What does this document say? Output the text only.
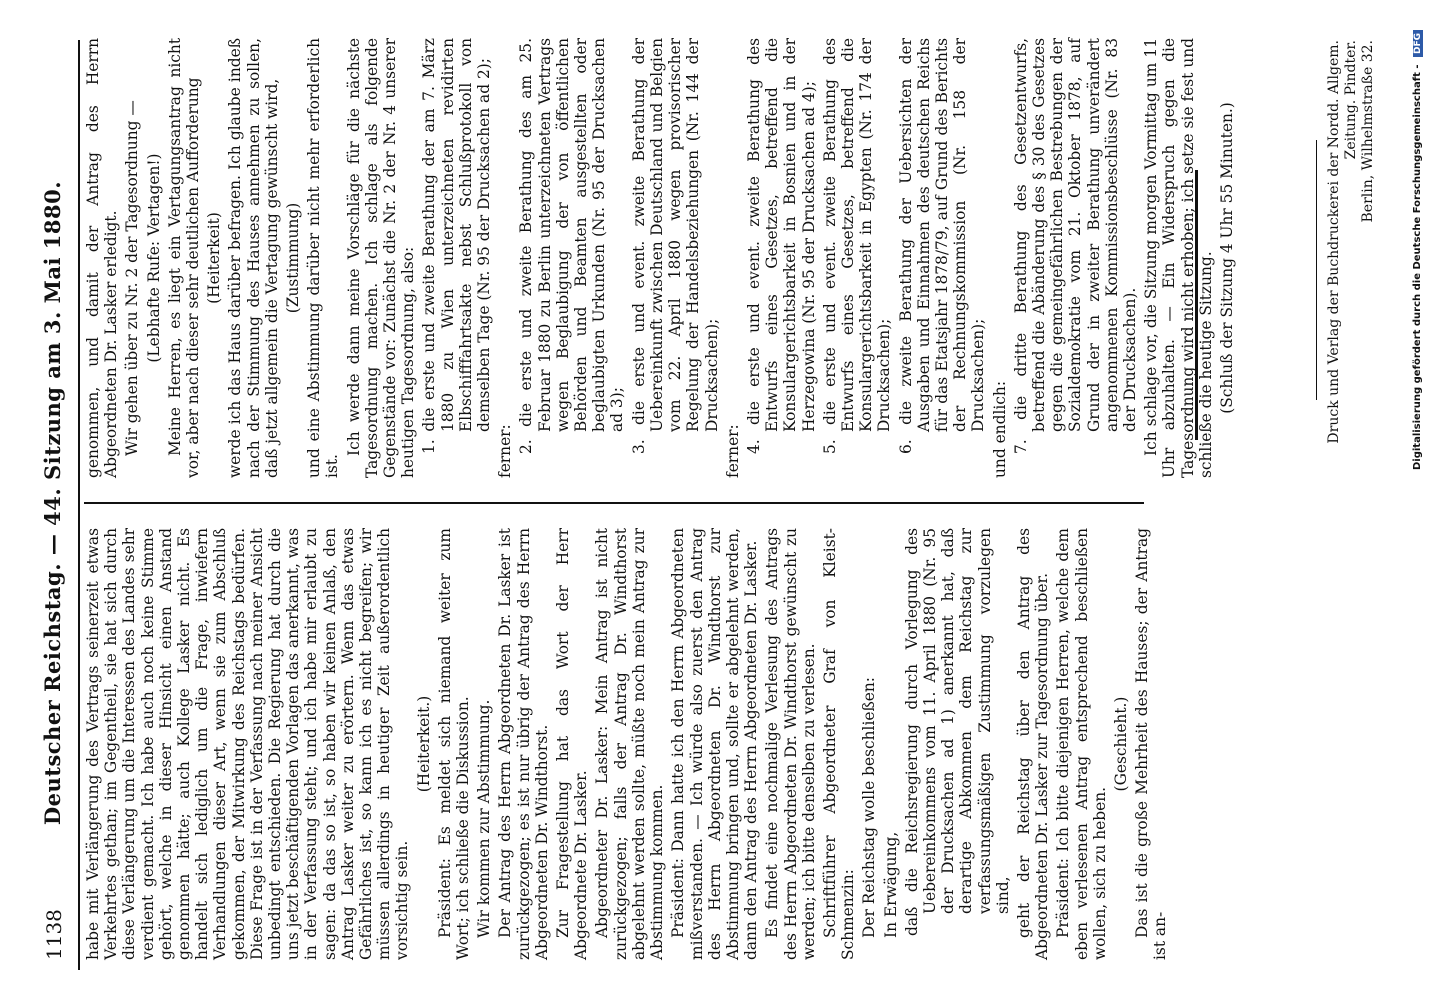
1138
Deutscher Reichstag. — 44. Sitzung am 3. Mai 1880. habe mit Verlängerung des Vertrags seinerzeit etwas Verkehrtes gethan; im Gegentheil, sie hat sich durch diese Verlängerung um die Interessen des Landes sehr verdient gemacht. Ich habe auch noch keine Stimme gehört, welche in dieser Hinsicht einen Anstand genommen hätte; auch Kollege Lasker nicht. Es handelt sich lediglich um die Frage, inwiefern Verhandlungen dieser Art, wenn sie zum Abschluß gekommen, der Mitwirkung des Reichstags bedürfen. Diese Frage ist in der Verfassung nach meiner Ansicht unbedingt entschieden. Die Regierung hat durch die uns jetzt beschäftigenden Vorlagen das anerkannt, was in der Verfassung steht; und ich habe mir erlaubt zu sagen: da das so ist, so haben wir keinen Anlaß, den Antrag Lasker weiter zu erörtern. Wenn das etwas Gefährliches ist, so kann ich es nicht begreifen; wir müssen allerdings in heutiger Zeit außerordentlich vorsichtig sein.

(Heiterkeit.) Präsident: Es meldet sich niemand weiter zum Wort; ich schließe die Diskussion. Wir kommen zur Abstimmung. Der Antrag des Herrn Abgeordneten Dr. Lasker ist zurückgezogen; es ist nur übrig der Antrag des Herrn Abgeordneten Dr. Windthorst. Zur Fragestellung hat das Wort der Herr Abgeordnete Dr. Lasker. Abgeordneter Dr. Lasker: Mein Antrag ist nicht zurückgezogen; falls der Antrag Dr. Windthorst abgelehnt werden sollte, müßte noch mein Antrag zur Abstimmung kommen. Präsident: Dann hatte ich den Herrn Abgeordneten mißverstanden. — Ich würde also zuerst den Antrag des Herrn Abgeordneten Dr. Windthorst zur Abstimmung bringen und, sollte er abgelehnt werden, dann den Antrag des Herrn Abgeordneten Dr. Lasker. Es findet eine nochmalige Verlesung des Antrags des Herrn Abgeordneten Dr. Windthorst gewünscht zu werden; ich bitte denselben zu verlesen. Schriftführer Abgeordneter Graf von Kleist-Schmenzin: Der Reichstag wolle beschließen: In Erwägung, daß die Reichsregierung durch Vorlegung des Uebereinkommens vom 11. April 1880 (Nr. 95 der Drucksachen ad 1) anerkannt hat, daß derartige Abkommen dem Reichstag zur verfassungsmäßigen Zustimmung vorzulegen sind, geht der Reichstag über den Antrag des Abgeordneten Dr. Lasker zur Tagesordnung über. Präsident: Ich bitte diejenigen Herren, welche dem eben verlesenen Antrag entsprechend beschließen wollen, sich zu heben.

(Geschieht.) Das ist die große Mehrheit des Hauses; der Antrag ist an-

genommen, und damit der Antrag des Herrn Abgeordneten Dr. Lasker erledigt. Wir gehen über zu Nr. 2 der Tagesordnung — (Lebhafte Rufe: Vertagen!) Meine Herren, es liegt ein Vertagungsantrag nicht vor, aber nach dieser sehr deutlichen Aufforderung (Heiterkeit) werde ich das Haus darüber befragen. Ich glaube indeß nach der Stimmung des Hauses annehmen zu sollen, daß jetzt allgemein die Vertagung gewünscht wird, (Zustimmung) und eine Abstimmung darüber nicht mehr erforderlich ist.

Ich werde dann meine Vorschläge für die nächste Tagesordnung machen. Ich schlage als folgende Gegenstände vor: Zunächst die Nr. 2 der Nr. 4 unserer heutigen Tagesordnung, also: 1. die erste und zweite Berathung der am 7. März 1880 zu Wien unterzeichneten revidirten Elbschifffahrtsakte nebst Schlußprotokoll von demselben Tage (Nr. 95 der Drucksachen ad 2);

ferner: 2. die erste und zweite Berathung des am 25. Februar 1880 zu Berlin unterzeichneten Vertrags wegen Beglaubigung der von öffentlichen Behörden und Beamten ausgestellten oder beglaubigten Urkunden (Nr. 95 der Drucksachen ad 3); 3. die erste und event. zweite Berathung der Uebereinkunft zwischen Deutschland und Belgien vom 22. April 1880 wegen provisorischer Regelung der Handelsbeziehungen (Nr. 144 der Drucksachen);

ferner: 4. die erste und event. zweite Berathung des Entwurfs eines Gesetzes, betreffend die Konsulargerichtsbarkeit in Bosnien und in der Herzegowina (Nr. 95 der Drucksachen ad 4); 5. die erste und event. zweite Berathung des Entwurfs eines Gesetzes, betreffend die Konsulargerichtsbarkeit in Egypten (Nr. 174 der Drucksachen); 6. die zweite Berathung der Uebersichten der Ausgaben und Einnahmen des deutschen Reichs für das Etatsjahr 1878/79, auf Grund des Berichts der Rechnungskommission (Nr. 158 der Drucksachen); und endlich: 7. die dritte Berathung des Gesetzentwurfs, betreffend die Abänderung des § 30 des Gesetzes gegen die gemeingefährlichen Bestrebungen der Sozialdemokratie vom 21. Oktober 1878, auf Grund der in zweiter Berathung unverändert angenommenen Kommissionsbeschlüsse (Nr. 83 der Drucksachen). Ich schlage vor, die Sitzung morgen Vormittag um 11 Uhr abzuhalten. — Ein Widerspruch gegen die Tagesordnung wird nicht erhoben; ich setze sie fest und schließe die heutige Sitzung. (Schluß der Sitzung 4 Uhr 55 Minuten.)	Druck und Verlag der Buchdruckerei der Nordd. Allgem. Zeitung. Pindter. Berlin, Wilhelmstraße 32.	Digitalisierung gefördert durch die Deutsche Forschungsgemeinschaft - DFG
